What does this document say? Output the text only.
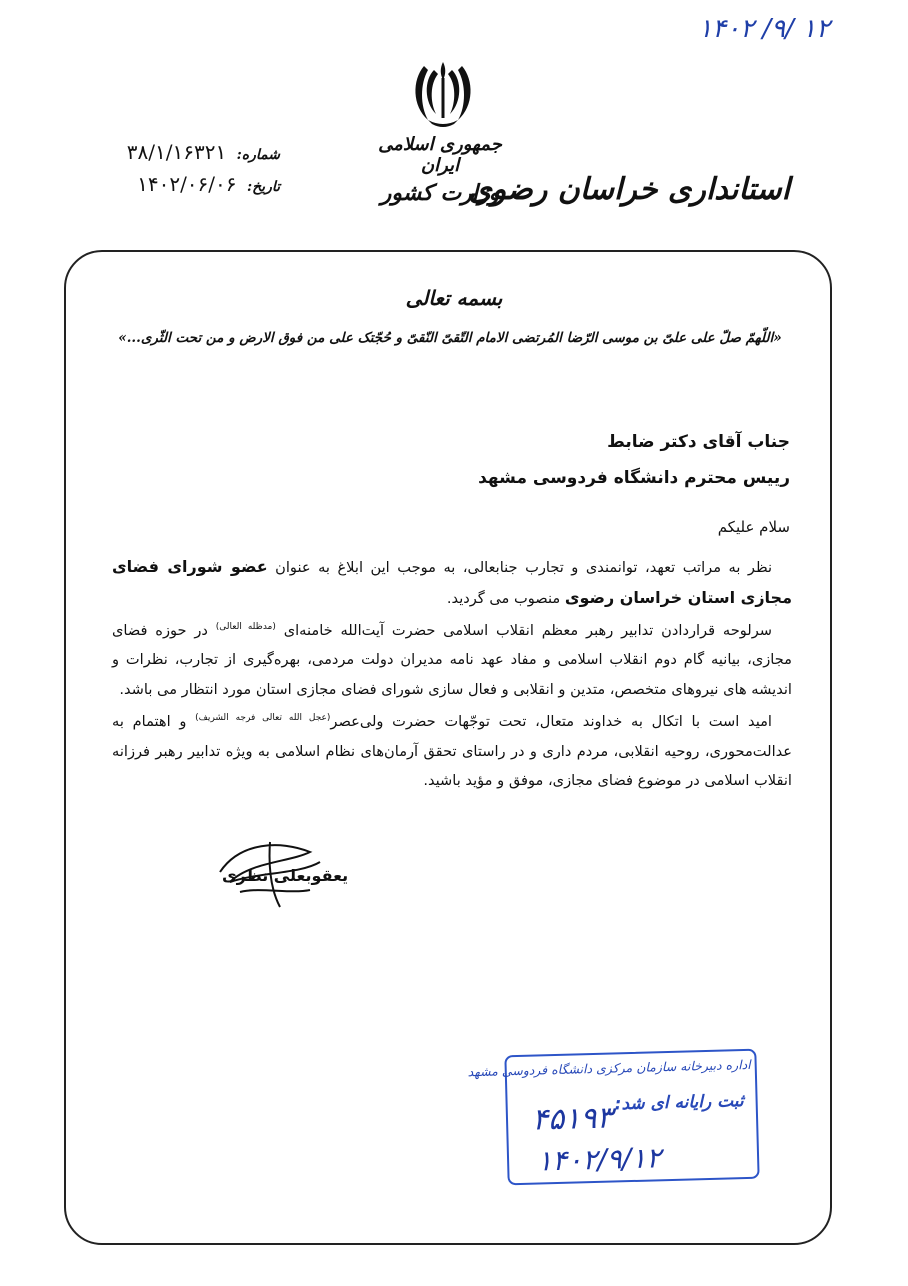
۱۴۰۲ /۹/ ۱۲
جمهوری اسلامی ایران
وزارت کشور
استانداری خراسان رضوی
شماره: ۳۸/۱/۱۶۳۲۱
تاریخ: ۱۴۰۲/۰۶/۰۶
بسمه تعالی
«اللّهمّ صلّ علی علیّ بن موسی الرّضا المُرتضی الامام التّقیّ النّقیّ و حُجّتک علی من فوق الارض و من تحت الثّری...»
جناب آقای دکتر ضابط
رییس محترم دانشگاه فردوسی مشهد
سلام علیکم

نظر به مراتب تعهد، توانمندی و تجارب جنابعالی، به موجب این ابلاغ به عنوان عضو شورای فضای مجازی استان خراسان رضوی منصوب می گردید.

سرلوحه قراردادن تدابیر رهبر معظم انقلاب اسلامی حضرت آیت‌الله خامنه‌ای $^{(مدظله العالی)}$ در حوزه فضای مجازی، بیانیه گام دوم انقلاب اسلامی و مفاد عهد نامه مدیران دولت مردمی، بهره‌گیری از تجارب، نظرات و اندیشه های نیروهای متخصص، متدین و انقلابی و فعال سازی شورای فضای مجازی استان مورد انتظار می باشد.

امید است با اتکال به خداوند متعال، تحت توجّهات حضرت ولی‌عصر$^{(عجل الله تعالی فرجه الشریف)}$ و اهتمام به عدالت‌محوری، روحیه انقلابی، مردم داری و در راستای تحقق آرمان‌های نظام اسلامی به ویژه تدابیر رهبر فرزانه انقلاب اسلامی در موضوع فضای مجازی، موفق و مؤید باشید.

یعقوبعلی نظری
اداره دبیرخانه سازمان مرکزی دانشگاه فردوسی مشهد
ثبت رایانه ای شد:
۴۵۱۹۳
۱۴۰۲/۹/۱۲
